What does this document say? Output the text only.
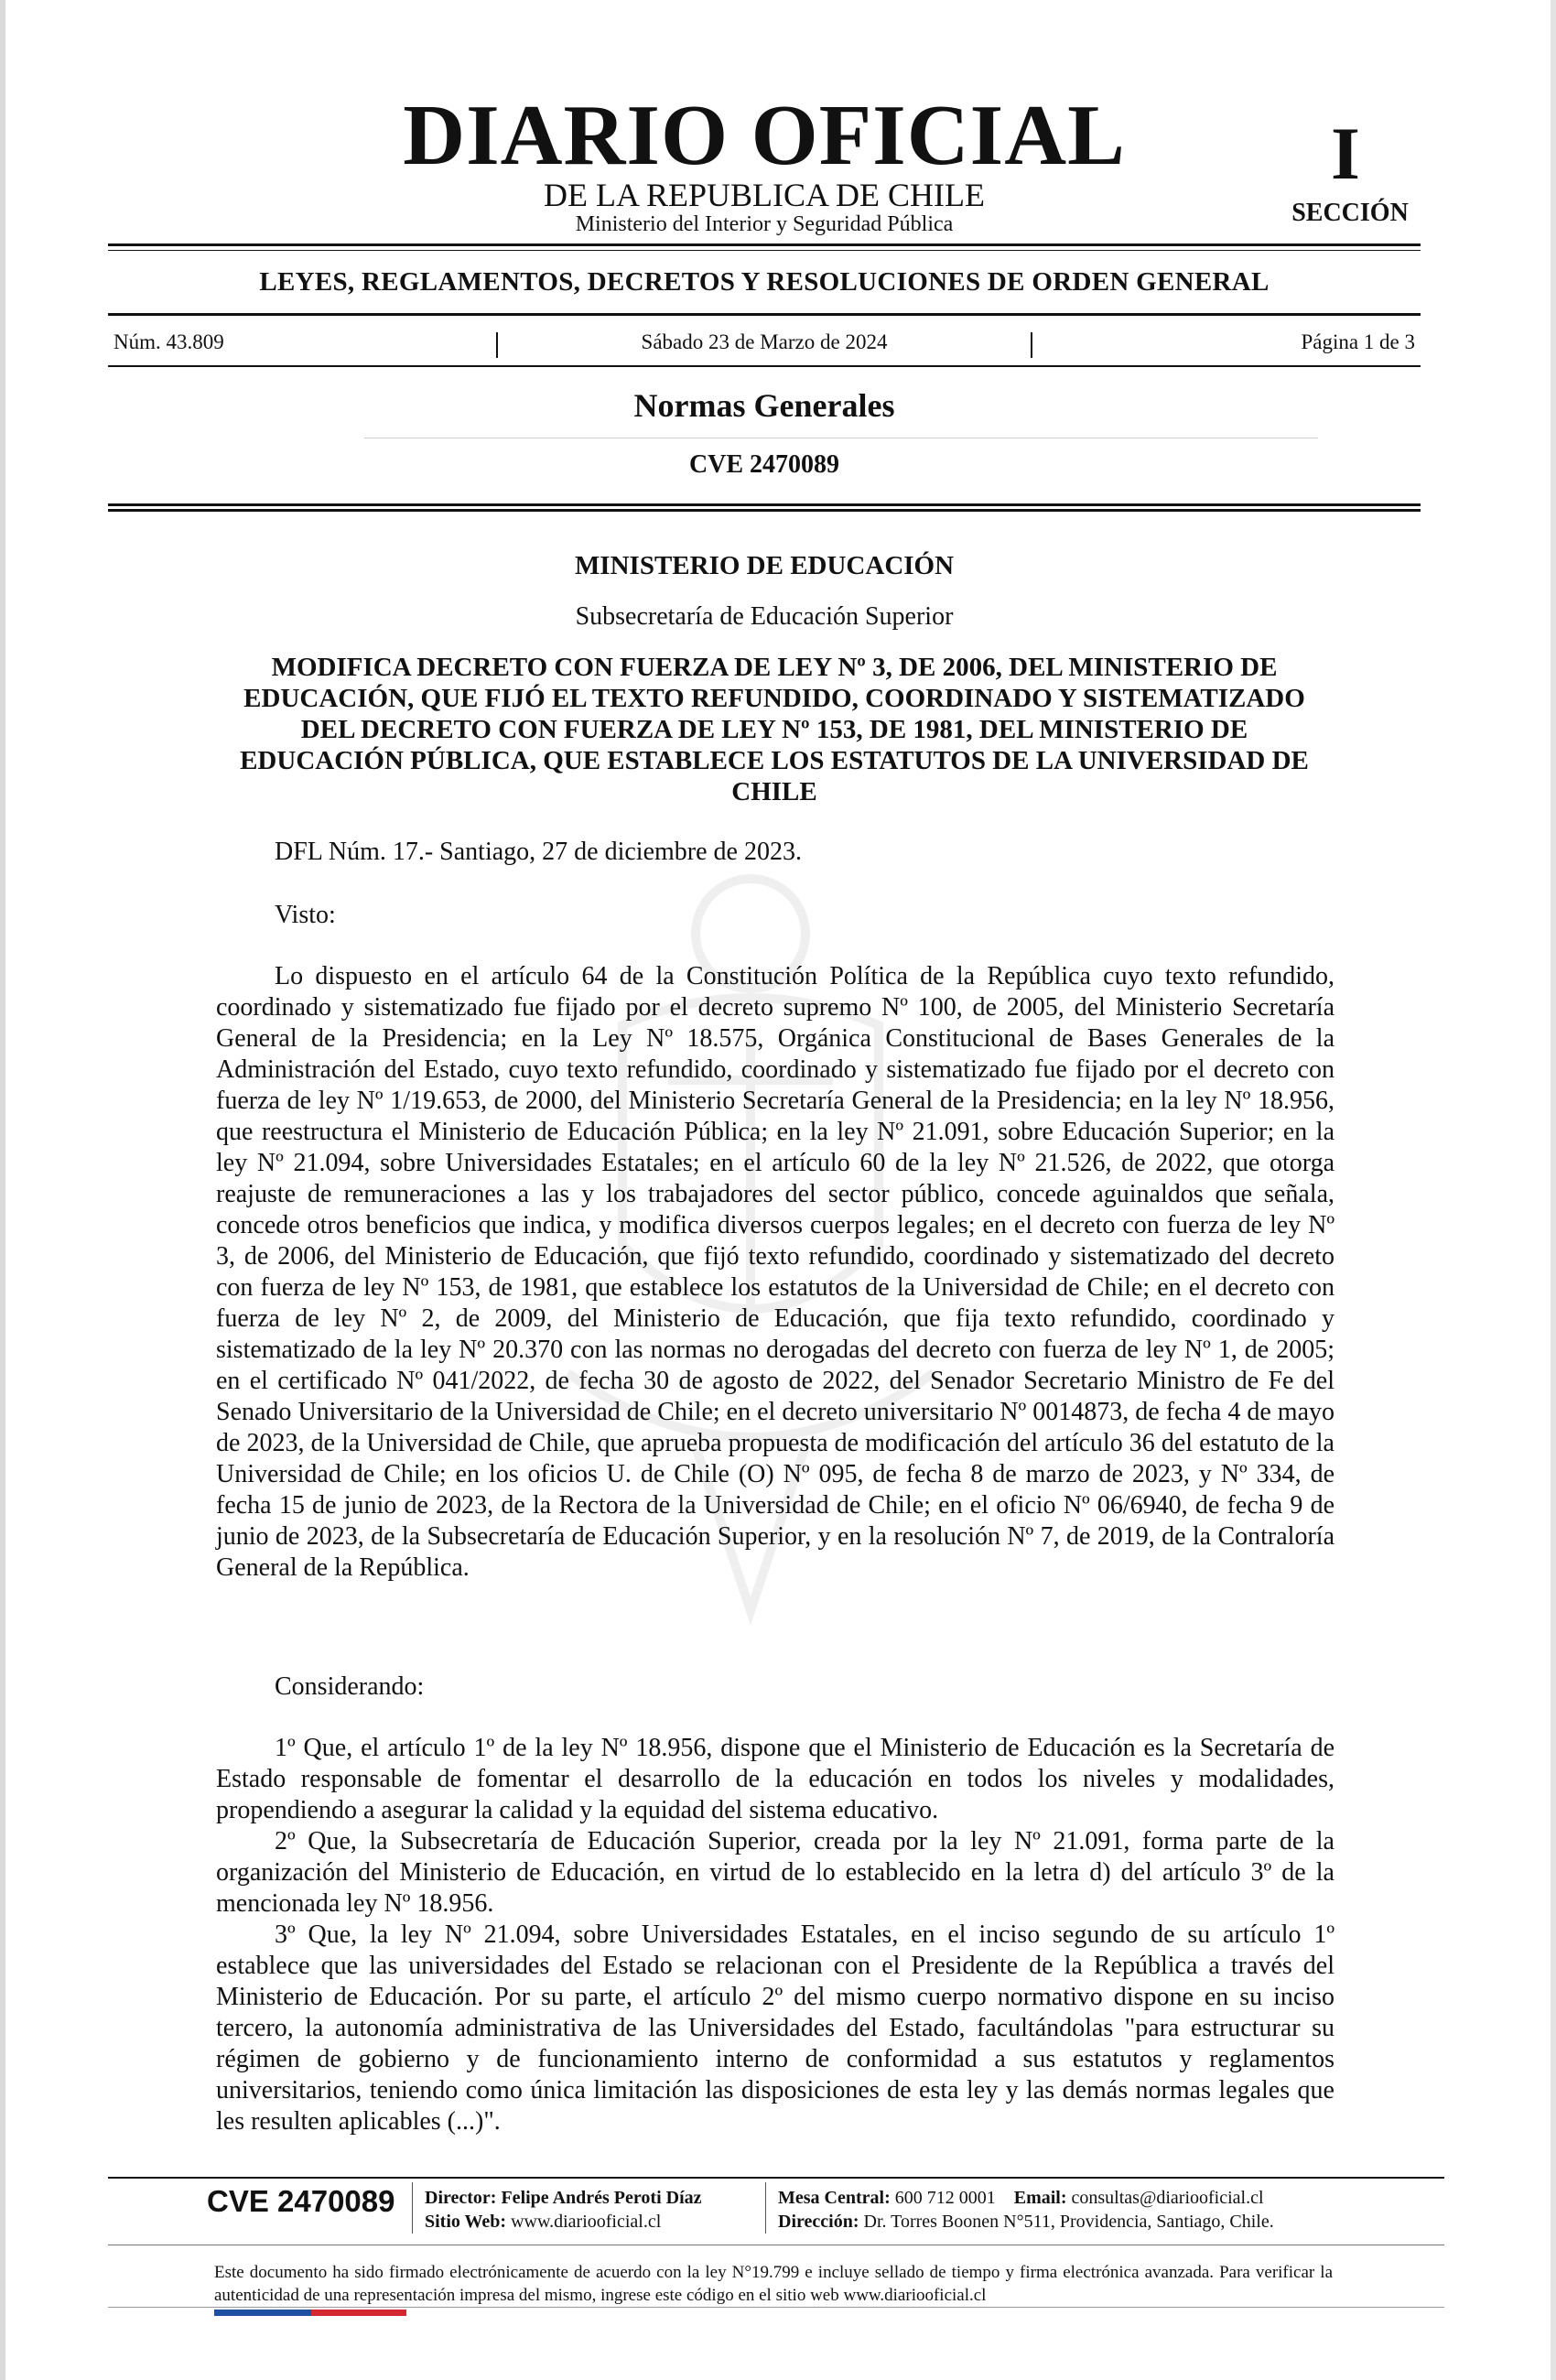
DIARIO OFICIAL
DE LA REPUBLICA DE CHILE
Ministerio del Interior y Seguridad Pública
I
SECCIÓN
LEYES, REGLAMENTOS, DECRETOS Y RESOLUCIONES DE ORDEN GENERAL
Núm. 43.809	Sábado 23 de Marzo de 2024	Página 1 de 3
Normas Generales
CVE 2470089
MINISTERIO DE EDUCACIÓN
Subsecretaría de Educación Superior
MODIFICA DECRETO CON FUERZA DE LEY Nº 3, DE 2006, DEL MINISTERIO DE EDUCACIÓN, QUE FIJÓ EL TEXTO REFUNDIDO, COORDINADO Y SISTEMATIZADO DEL DECRETO CON FUERZA DE LEY Nº 153, DE 1981, DEL MINISTERIO DE EDUCACIÓN PÚBLICA, QUE ESTABLECE LOS ESTATUTOS DE LA UNIVERSIDAD DE CHILE
DFL Núm. 17.- Santiago, 27 de diciembre de 2023.
Visto:

Lo dispuesto en el artículo 64 de la Constitución Política de la República cuyo texto refundido, coordinado y sistematizado fue fijado por el decreto supremo Nº 100, de 2005, del Ministerio Secretaría General de la Presidencia; en la Ley Nº 18.575, Orgánica Constitucional de Bases Generales de la Administración del Estado, cuyo texto refundido, coordinado y sistematizado fue fijado por el decreto con fuerza de ley Nº 1/19.653, de 2000, del Ministerio Secretaría General de la Presidencia; en la ley Nº 18.956, que reestructura el Ministerio de Educación Pública; en la ley Nº 21.091, sobre Educación Superior; en la ley Nº 21.094, sobre Universidades Estatales; en el artículo 60 de la ley Nº 21.526, de 2022, que otorga reajuste de remuneraciones a las y los trabajadores del sector público, concede aguinaldos que señala, concede otros beneficios que indica, y modifica diversos cuerpos legales; en el decreto con fuerza de ley Nº 3, de 2006, del Ministerio de Educación, que fijó texto refundido, coordinado y sistematizado del decreto con fuerza de ley Nº 153, de 1981, que establece los estatutos de la Universidad de Chile; en el decreto con fuerza de ley Nº 2, de 2009, del Ministerio de Educación, que fija texto refundido, coordinado y sistematizado de la ley Nº 20.370 con las normas no derogadas del decreto con fuerza de ley Nº 1, de 2005; en el certificado Nº 041/2022, de fecha 30 de agosto de 2022, del Senador Secretario Ministro de Fe del Senado Universitario de la Universidad de Chile; en el decreto universitario Nº 0014873, de fecha 4 de mayo de 2023, de la Universidad de Chile, que aprueba propuesta de modificación del artículo 36 del estatuto de la Universidad de Chile; en los oficios U. de Chile (O) Nº 095, de fecha 8 de marzo de 2023, y Nº 334, de fecha 15 de junio de 2023, de la Rectora de la Universidad de Chile; en el oficio Nº 06/6940, de fecha 9 de junio de 2023, de la Subsecretaría de Educación Superior, y en la resolución Nº 7, de 2019, de la Contraloría General de la República.

Considerando:

1º Que, el artículo 1º de la ley Nº 18.956, dispone que el Ministerio de Educación es la Secretaría de Estado responsable de fomentar el desarrollo de la educación en todos los niveles y modalidades, propendiendo a asegurar la calidad y la equidad del sistema educativo.

2º Que, la Subsecretaría de Educación Superior, creada por la ley Nº 21.091, forma parte de la organización del Ministerio de Educación, en virtud de lo establecido en la letra d) del artículo 3º de la mencionada ley Nº 18.956.

3º Que, la ley Nº 21.094, sobre Universidades Estatales, en el inciso segundo de su artículo 1º establece que las universidades del Estado se relacionan con el Presidente de la República a través del Ministerio de Educación. Por su parte, el artículo 2º del mismo cuerpo normativo dispone en su inciso tercero, la autonomía administrativa de las Universidades del Estado, facultándolas "para estructurar su régimen de gobierno y de funcionamiento interno de conformidad a sus estatutos y reglamentos universitarios, teniendo como única limitación las disposiciones de esta ley y las demás normas legales que les resulten aplicables (...)".

CVE 2470089 Director: Felipe Andrés Peroti Díaz
Sitio Web: www.diariooficial.cl
Mesa Central: 600 712 0001 Email: consultas@diariooficial.cl
Dirección: Dr. Torres Boonen N°511, Providencia, Santiago, Chile.
Este documento ha sido firmado electrónicamente de acuerdo con la ley N°19.799 e incluye sellado de tiempo y firma electrónica avanzada. Para verificar la autenticidad de una representación impresa del mismo, ingrese este código en el sitio web www.diariooficial.cl
